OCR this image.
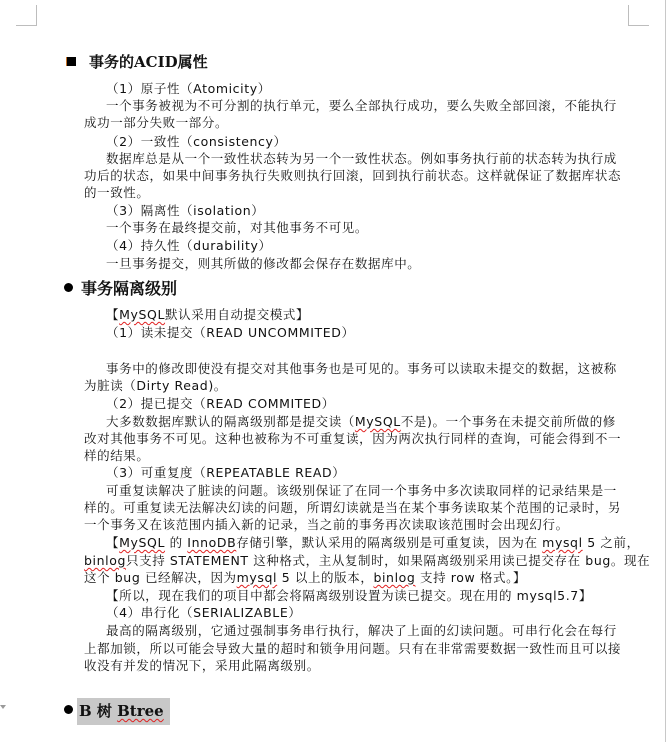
事务的ACID属性
（1）原子性（Atomicity）
一个事务被视为不可分割的执行单元，要么全部执行成功，要么失败全部回滚，不能执行
成功一部分失败一部分。
（2）一致性（consistency）
数据库总是从一个一致性状态转为另一个一致性状态。例如事务执行前的状态转为执行成
功后的状态，如果中间事务执行失败则执行回滚，回到执行前状态。这样就保证了数据库状态
的一致性。
（3）隔离性（isolation）
一个事务在最终提交前，对其他事务不可见。
（4）持久性（durability）
一旦事务提交，则其所做的修改都会保存在数据库中。
事务隔离级别
【MySQL默认采用自动提交模式】
（1）读未提交（READ UNCOMMITED）
事务中的修改即使没有提交对其他事务也是可见的。事务可以读取未提交的数据，这被称
为脏读（Dirty Read)。
（2）提已提交（READ COMMITED）
大多数数据库默认的隔离级别都是提交读（MySQL不是)。一个事务在未提交前所做的修
改对其他事务不可见。这种也被称为不可重复读，因为两次执行同样的查询，可能会得到不一
样的结果。
（3）可重复度（REPEATABLE READ）
可重复读解决了脏读的问题。该级别保证了在同一个事务中多次读取同样的记录结果是一
样的。可重复读无法解决幻读的问题，所谓幻读就是当在某个事务读取某个范围的记录时，另
一个事务又在该范围内插入新的记录，当之前的事务再次读取该范围时会出现幻行。
【MySQL 的 InnoDB存储引擎，默认采用的隔离级别是可重复读，因为在 mysql 5 之前，
binlog只支持 STATEMENT 这种格式，主从复制时，如果隔离级别采用读已提交存在 bug。现在
这个 bug 已经解决，因为mysql 5 以上的版本，binlog 支持 row 格式。】
【所以，现在我们的项目中都会将隔离级别设置为读已提交。现在用的 mysql5.7】
（4）串行化（SERIALIZABLE）
最高的隔离级别，它通过强制事务串行执行，解决了上面的幻读问题。可串行化会在每行
上都加锁，所以可能会导致大量的超时和锁争用问题。只有在非常需要数据一致性而且可以接
收没有并发的情况下，采用此隔离级别。
B 树 Btree
